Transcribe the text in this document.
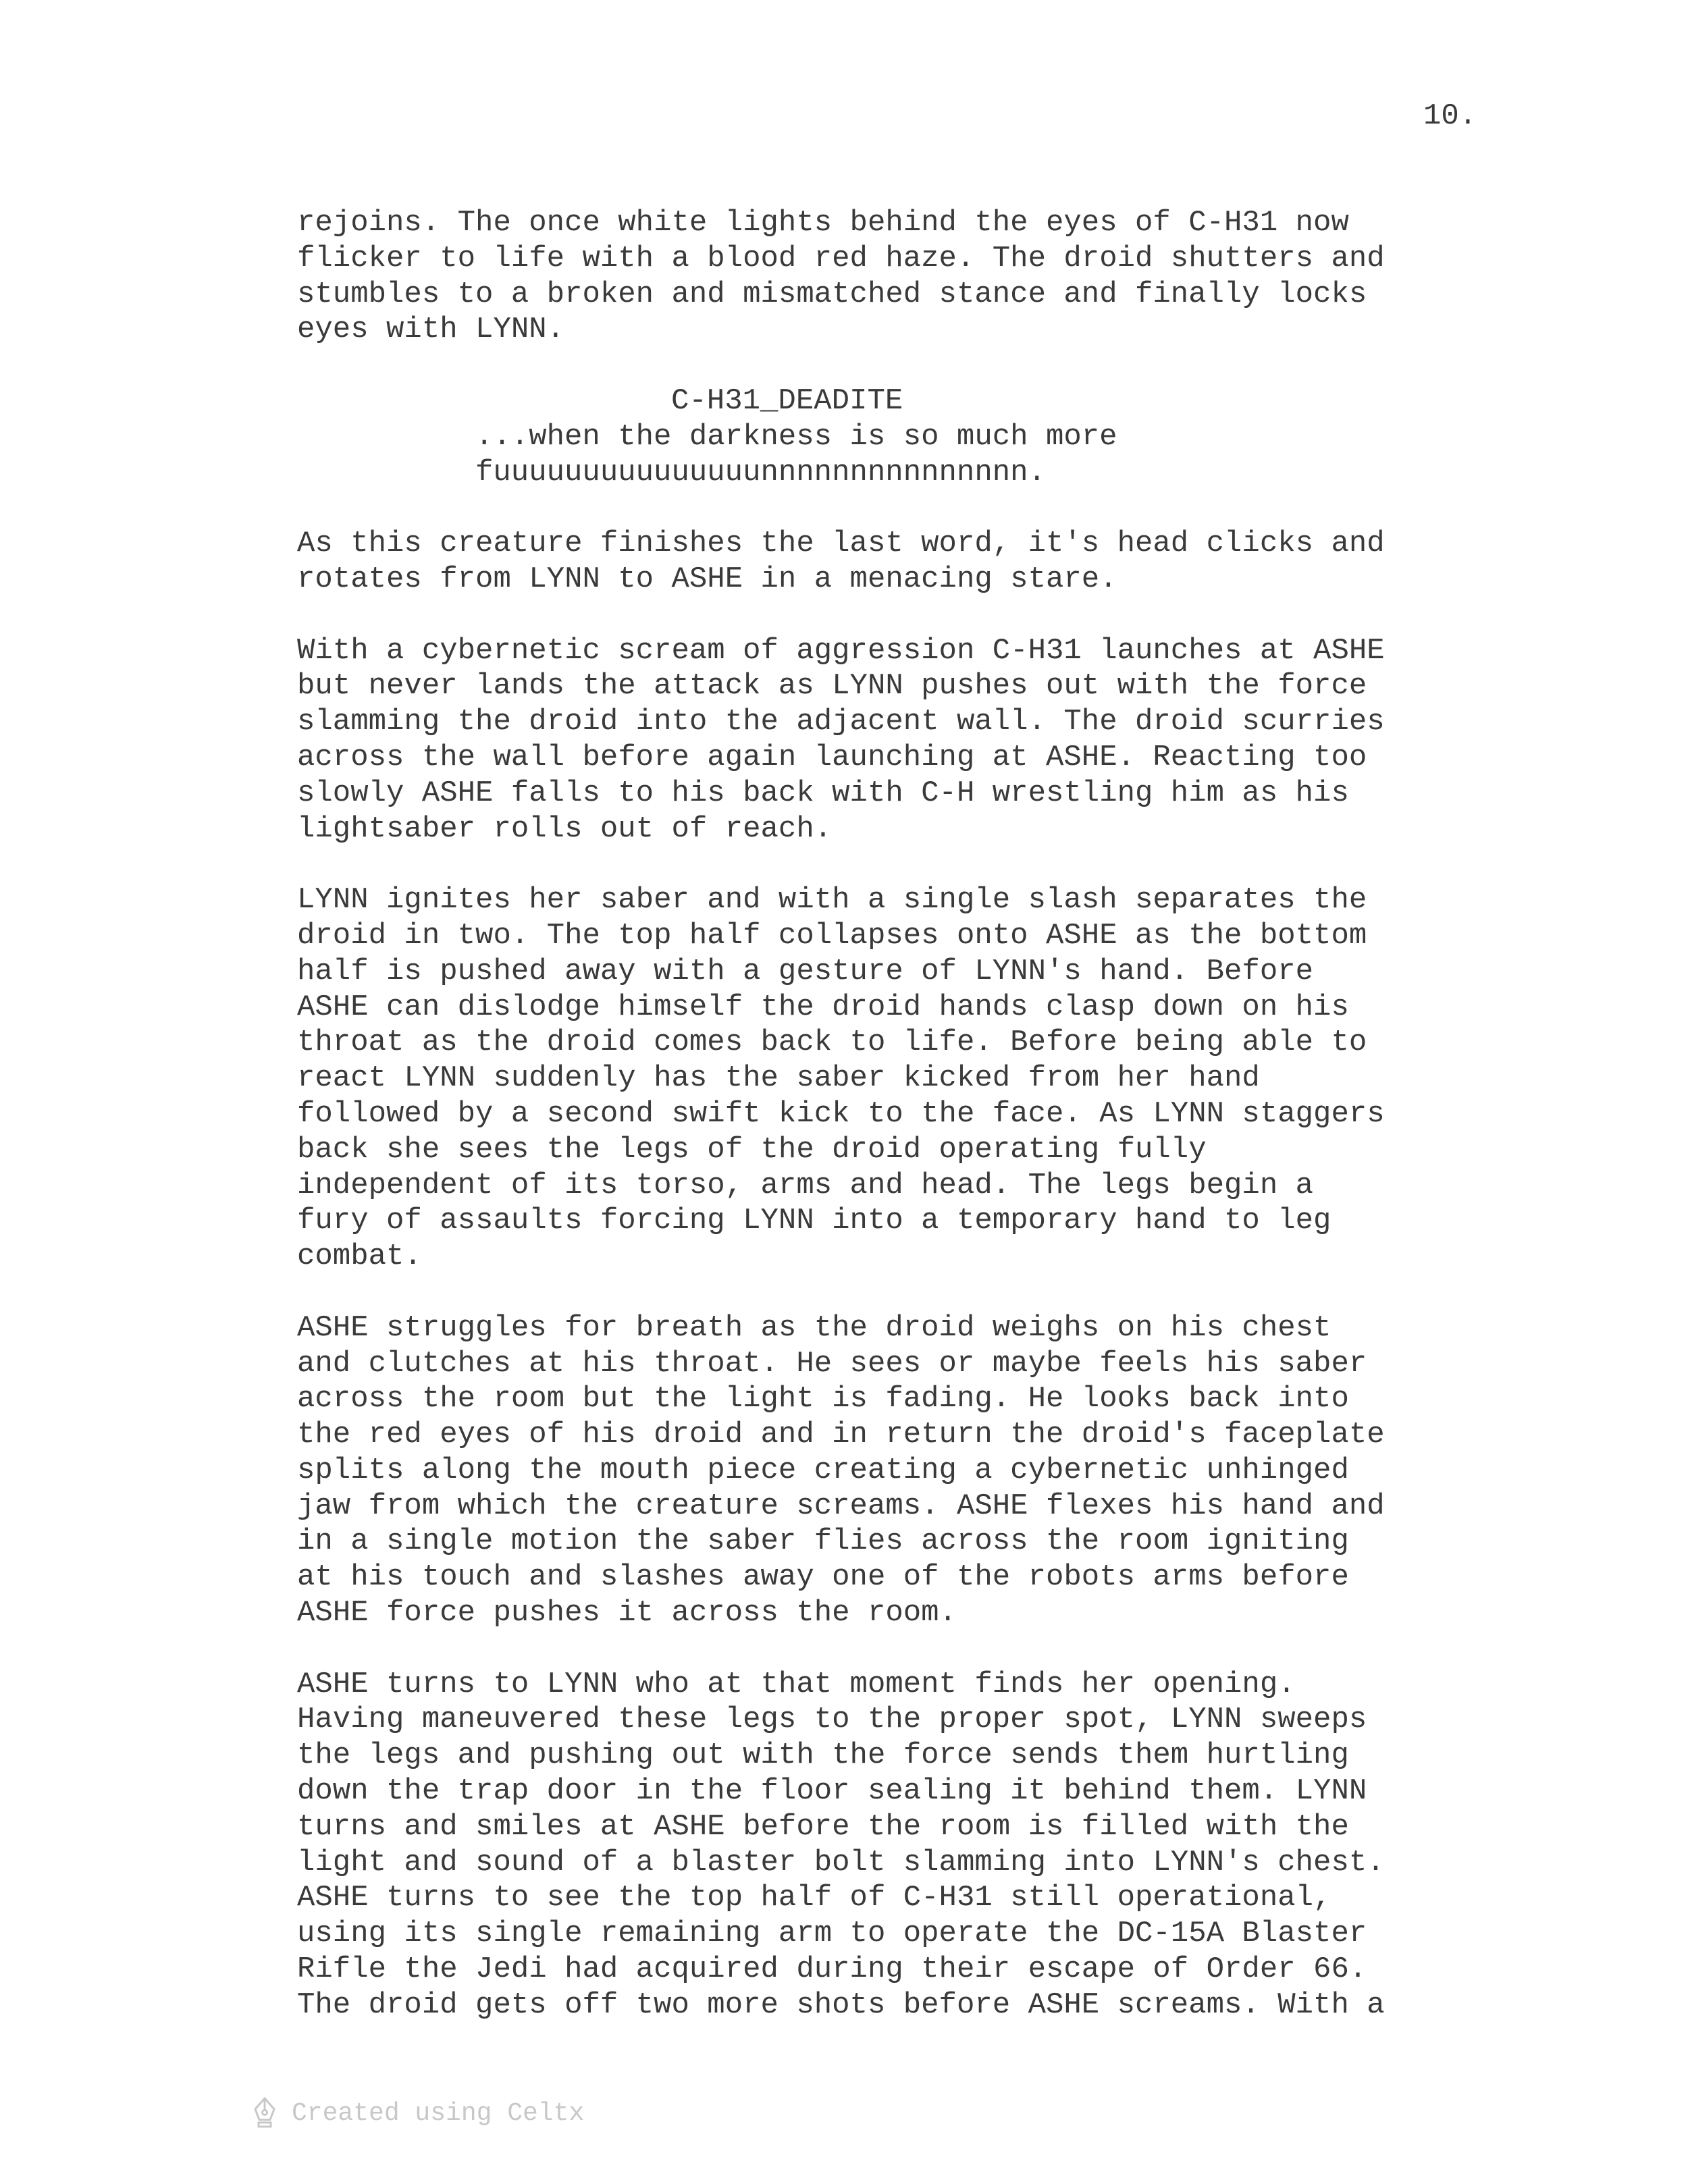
10.
rejoins. The once white lights behind the eyes of C-H31 now
flicker to life with a blood red haze. The droid shutters and
stumbles to a broken and mismatched stance and finally locks
eyes with LYNN.
C-H31_DEADITE
...when the darkness is so much more
fuuuuuuuuuuuuuuunnnnnnnnnnnnnnn.
As this creature finishes the last word, it's head clicks and
rotates from LYNN to ASHE in a menacing stare.
With a cybernetic scream of aggression C-H31 launches at ASHE
but never lands the attack as LYNN pushes out with the force
slamming the droid into the adjacent wall. The droid scurries
across the wall before again launching at ASHE. Reacting too
slowly ASHE falls to his back with C-H wrestling him as his
lightsaber rolls out of reach.
LYNN ignites her saber and with a single slash separates the
droid in two. The top half collapses onto ASHE as the bottom
half is pushed away with a gesture of LYNN's hand. Before
ASHE can dislodge himself the droid hands clasp down on his
throat as the droid comes back to life. Before being able to
react LYNN suddenly has the saber kicked from her hand
followed by a second swift kick to the face. As LYNN staggers
back she sees the legs of the droid operating fully
independent of its torso, arms and head. The legs begin a
fury of assaults forcing LYNN into a temporary hand to leg
combat.
ASHE struggles for breath as the droid weighs on his chest
and clutches at his throat. He sees or maybe feels his saber
across the room but the light is fading. He looks back into
the red eyes of his droid and in return the droid's faceplate
splits along the mouth piece creating a cybernetic unhinged
jaw from which the creature screams. ASHE flexes his hand and
in a single motion the saber flies across the room igniting
at his touch and slashes away one of the robots arms before
ASHE force pushes it across the room.
ASHE turns to LYNN who at that moment finds her opening.
Having maneuvered these legs to the proper spot, LYNN sweeps
the legs and pushing out with the force sends them hurtling
down the trap door in the floor sealing it behind them. LYNN
turns and smiles at ASHE before the room is filled with the
light and sound of a blaster bolt slamming into LYNN's chest.
ASHE turns to see the top half of C-H31 still operational,
using its single remaining arm to operate the DC-15A Blaster
Rifle the Jedi had acquired during their escape of Order 66.
The droid gets off two more shots before ASHE screams. With a
Created using Celtx
